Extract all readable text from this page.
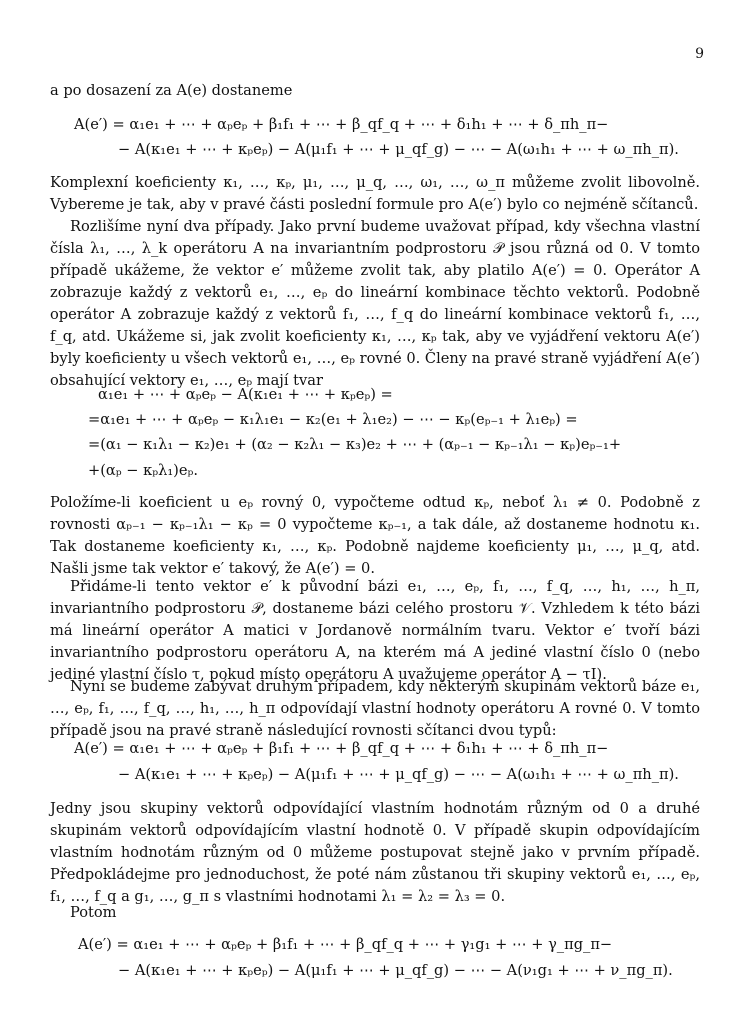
9

a po dosazení za A(e) dostaneme

A(e′) = α₁e₁ + ⋯ + αₚeₚ + β₁f₁ + ⋯ + β_qf_q + ⋯ + δ₁h₁ + ⋯ + δ_πh_π−

− A(κ₁e₁ + ⋯ + κₚeₚ) − A(μ₁f₁ + ⋯ + μ_qf_g) − ⋯ − A(ω₁h₁ + ⋯ + ω_πh_π).

Komplexní koeficienty κ₁, …, κₚ, μ₁, …, μ_q, …, ω₁, …, ω_π můžeme zvolit libovolně. Vybereme je tak, aby v pravé části poslední formule pro A(e′) bylo co nejméně sčítanců.

Rozlišíme nyní dva případy. Jako první budeme uvažovat případ, kdy všechna vlastní čísla λ₁, …, λ_k operátoru A na invariantním podprostoru 𝒫 jsou různá od 0. V tomto případě ukážeme, že vektor e′ můžeme zvolit tak, aby platilo A(e′) = 0. Operátor A zobrazuje každý z vektorů e₁, …, eₚ do lineární kombinace těchto vektorů. Podobně operátor A zobrazuje každý z vektorů f₁, …, f_q do lineární kombinace vektorů f₁, …, f_q, atd. Ukážeme si, jak zvolit koeficienty κ₁, …, κₚ tak, aby ve vyjádření vektoru A(e′) byly koeficienty u všech vektorů e₁, …, eₚ rovné 0. Členy na pravé straně vyjádření A(e′) obsahující vektory e₁, …, eₚ mají tvar

α₁e₁ + ⋯ + αₚeₚ − A(κ₁e₁ + ⋯ + κₚeₚ) =

=α₁e₁ + ⋯ + αₚeₚ − κ₁λ₁e₁ − κ₂(e₁ + λ₁e₂) − ⋯ − κₚ(eₚ₋₁ + λ₁eₚ) =

=(α₁ − κ₁λ₁ − κ₂)e₁ + (α₂ − κ₂λ₁ − κ₃)e₂ + ⋯ + (αₚ₋₁ − κₚ₋₁λ₁ − κₚ)eₚ₋₁+

+(αₚ − κₚλ₁)eₚ.

Položíme-li koeficient u eₚ rovný 0, vypočteme odtud κₚ, neboť λ₁ ≠ 0. Podobně z rovnosti αₚ₋₁ − κₚ₋₁λ₁ − κₚ = 0 vypočteme κₚ₋₁, a tak dále, až dostaneme hodnotu κ₁. Tak dostaneme koeficienty κ₁, …, κₚ. Podobně najdeme koeficienty μ₁, …, μ_q, atd. Našli jsme tak vektor e′ takový, že A(e′) = 0.

Přidáme-li tento vektor e′ k původní bázi e₁, …, eₚ, f₁, …, f_q, …, h₁, …, h_π, invariantního podprostoru 𝒫, dostaneme bázi celého prostoru 𝒱. Vzhledem k této bázi má lineární operátor A matici v Jordanově normálním tvaru. Vektor e′ tvoří bázi invariantního podprostoru operátoru A, na kterém má A jediné vlastní číslo 0 (nebo jediné vlastní číslo τ, pokud místo operátoru A uvažujeme operátor A − τI).

Nyní se budeme zabývat druhým případem, kdy některým skupinám vektorů bázе e₁, …, eₚ, f₁, …, f_q, …, h₁, …, h_π odpovídají vlastní hodnoty operátoru A rovné 0. V tomto případě jsou na pravé straně následující rovnosti sčítanci dvou typů:

A(e′) = α₁e₁ + ⋯ + αₚeₚ + β₁f₁ + ⋯ + β_qf_q + ⋯ + δ₁h₁ + ⋯ + δ_πh_π−

− A(κ₁e₁ + ⋯ + κₚeₚ) − A(μ₁f₁ + ⋯ + μ_qf_g) − ⋯ − A(ω₁h₁ + ⋯ + ω_πh_π).

Jedny jsou skupiny vektorů odpovídající vlastním hodnotám různým od 0 a druhé skupinám vektorů odpovídajícím vlastní hodnotě 0. V případě skupin odpovídajícím vlastním hodnotám různým od 0 můžeme postupovat stejně jako v prvním případě. Předpokládejme pro jednoduchost, že poté nám zůstanou tři skupiny vektorů e₁, …, eₚ, f₁, …, f_q a g₁, …, g_π s vlastními hodnotami λ₁ = λ₂ = λ₃ = 0.

Potom

A(e′) = α₁e₁ + ⋯ + αₚeₚ + β₁f₁ + ⋯ + β_qf_q + ⋯ + γ₁g₁ + ⋯ + γ_πg_π−

− A(κ₁e₁ + ⋯ + κₚeₚ) − A(μ₁f₁ + ⋯ + μ_qf_g) − ⋯ − A(ν₁g₁ + ⋯ + ν_πg_π).
